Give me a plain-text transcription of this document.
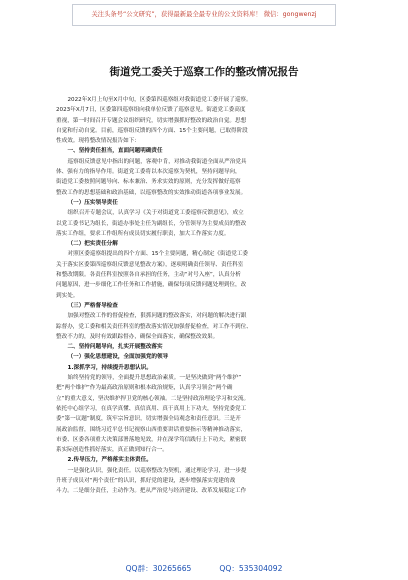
关注头条号“公文研究”，获得最新最全最专业的公文资料库！ 微信：gongwenzj
街道党工委关于巡察工作的整改情况报告
2022年X月上旬至X月中旬，区委第四巡察组对我街道党工委开展了巡察。
2023年X月7日，区委第四巡察组向我单位反馈了巡察意见。街道党工委高度
重视，第一时间召开专题会议组织研究，切实增强抓好整改的政治自觉。思想
自觉和行动自觉。目前，巡察组反馈的四个方面、15个主要问题，已取得阶段
性成效。现将整改情况报告如下：
一、坚持责任担当，直面问题明确责任
巡察组反馈意见中指出的问题，客观中肯，对推动我街道全面从严治党具
体、强有力的指导作用。街道党工委将以本次巡察为契机，坚持问题导向，
街道党工委按照问题导向、标本兼治、务求实效的原则，充分发挥做好巡察
整改工作的思想基础和政治基础，以巡察整改的实效推动街道各项事业发展。
（一）压实领导责任
组织召开专题会议，认真学习《关于对街道党工委巡察反馈意见》，成立
以党工委书记为组长，街道办事处主任为副组长，分管领导为主要成员的整改
落实工作组，要求工作组所有成员切实履行职责，加大工作落实力度。
（二）把实责任分解
对照区委巡察组提出的四个方面、15个主要问题，精心制定《街道党工委
关于落实区委第四巡察组反馈意见整改方案》，逐项明确责任领导、责任科室
和整改期限。各责任科室按照各自承担的任务，主动“对号入座”，认真分析
问题原因，进一步细化工作任务和工作措施，确保每项反馈问题处理到位，改
到实处。
（三）严格督导检查
加强对整改工作的督促检查，狠抓问题的整改落实，对问题的解决进行跟
踪督办，党工委和相关责任科室的整改落实情况加强督促检查，对工作不到位、
整改不力的，及时有效跟踪督办，确保全面落实，确保整改效果。
二、坚持问题导向，扎实开展整改落实
（一）强化思想建设，全面加强党的领导
1.深抓学习，持续提升思想认识。
始终坚持党的领导，全面提升思想政治素质。一是坚决做到“两个维护”
把“两个维护”作为最高政治原则和根本政治规矩，认真学习领会“两个确
立”的重大意义，坚决维护捍卫党的核心领袖。二是坚持政治理论学习和交流。
依托中心组学习，在真学真懂、真信真用、真干真用上下功夫，坚持党委党工
委“第一议题”制度，筑牢宗旨意识，切实增强全局观念和责任意识。三是开
展政治监督，围绕习近平总书记视察山西重要讲话重要指示等精神推动落实，
市委、区委各项重大决策部署落地见效，并在深学笃信践行上下功夫，紧密联
系实际创造性抓好落实，真正做到知行合一。
2.传导压力，严格落实主体责任。
一是强化认识，强化责任。以巡察整改为契机，通过理论学习，进一步提
升班子成员对“两个责任”的认识，抓好党的建设，逐步增强落实党建的战
斗力。二是细分责任，主动作为。把从严治党与经济建设、改革发展稳定工作
QQ群：30265665	QQ：535304092
